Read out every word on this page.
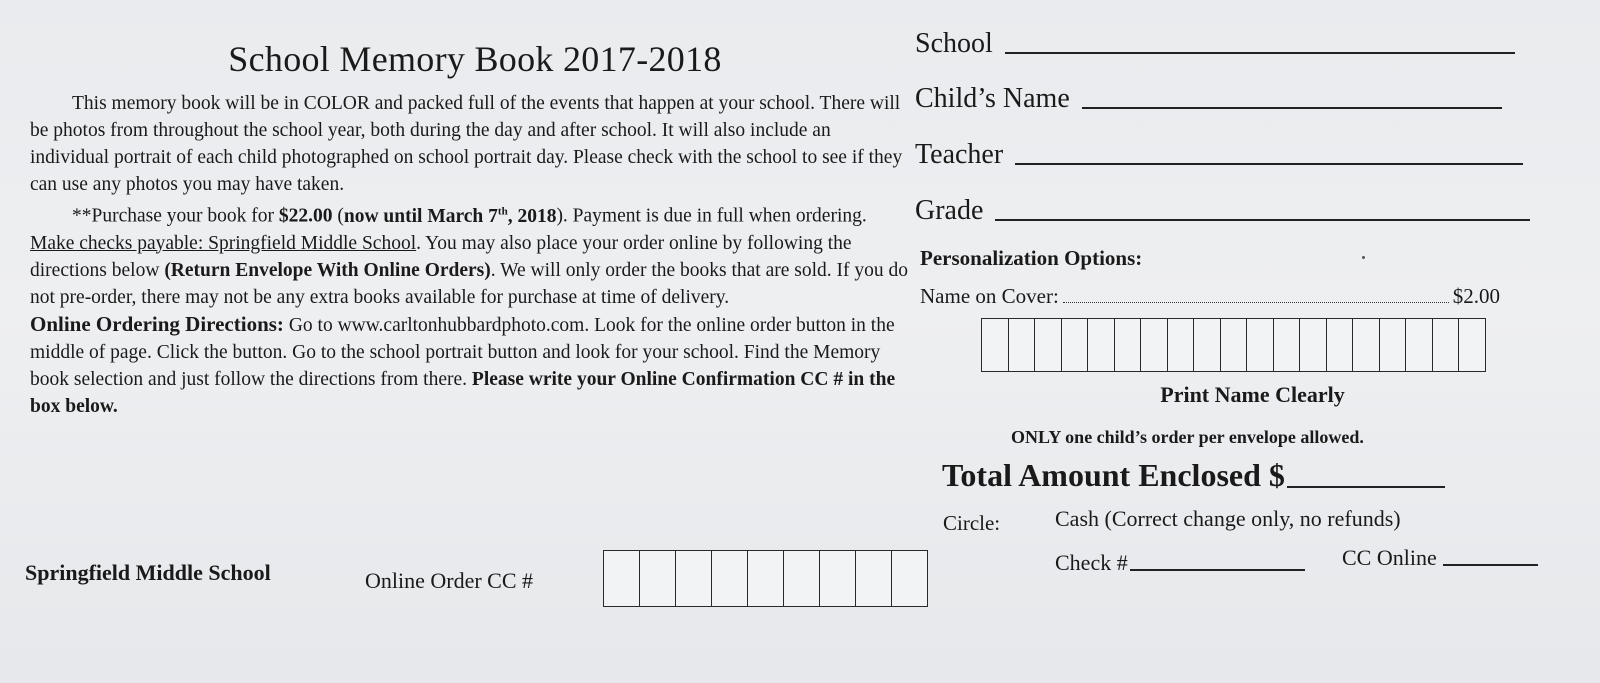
School Memory Book 2017-2018

This memory book will be in COLOR and packed full of the events that happen at your school. There will be photos from throughout the school year, both during the day and after school. It will also include an individual portrait of each child photographed on school portrait day. Please check with the school to see if they can use any photos you may have taken.

**Purchase your book for $22.00 (now until March 7th, 2018). Payment is due in full when ordering. Make checks payable: Springfield Middle School. You may also place your order online by following the directions below (Return Envelope With Online Orders). We will only order the books that are sold. If you do not pre-order, there may not be any extra books available for purchase at time of delivery.

Online Ordering Directions: Go to www.carltonhubbardphoto.com. Look for the online order button in the middle of page. Click the button. Go to the school portrait button and look for your school. Find the Memory book selection and just follow the directions from there. Please write your Online Confirmation CC # in the box below.

Springfield Middle School	Online Order CC #
School
Child’s Name
Teacher
Grade
Personalization Options:
Name on Cover:	$2.00
Print Name Clearly
ONLY one child’s order per envelope allowed.
Total Amount Enclosed $
Circle: Cash (Correct change only, no refunds)
Check #	CC Online
